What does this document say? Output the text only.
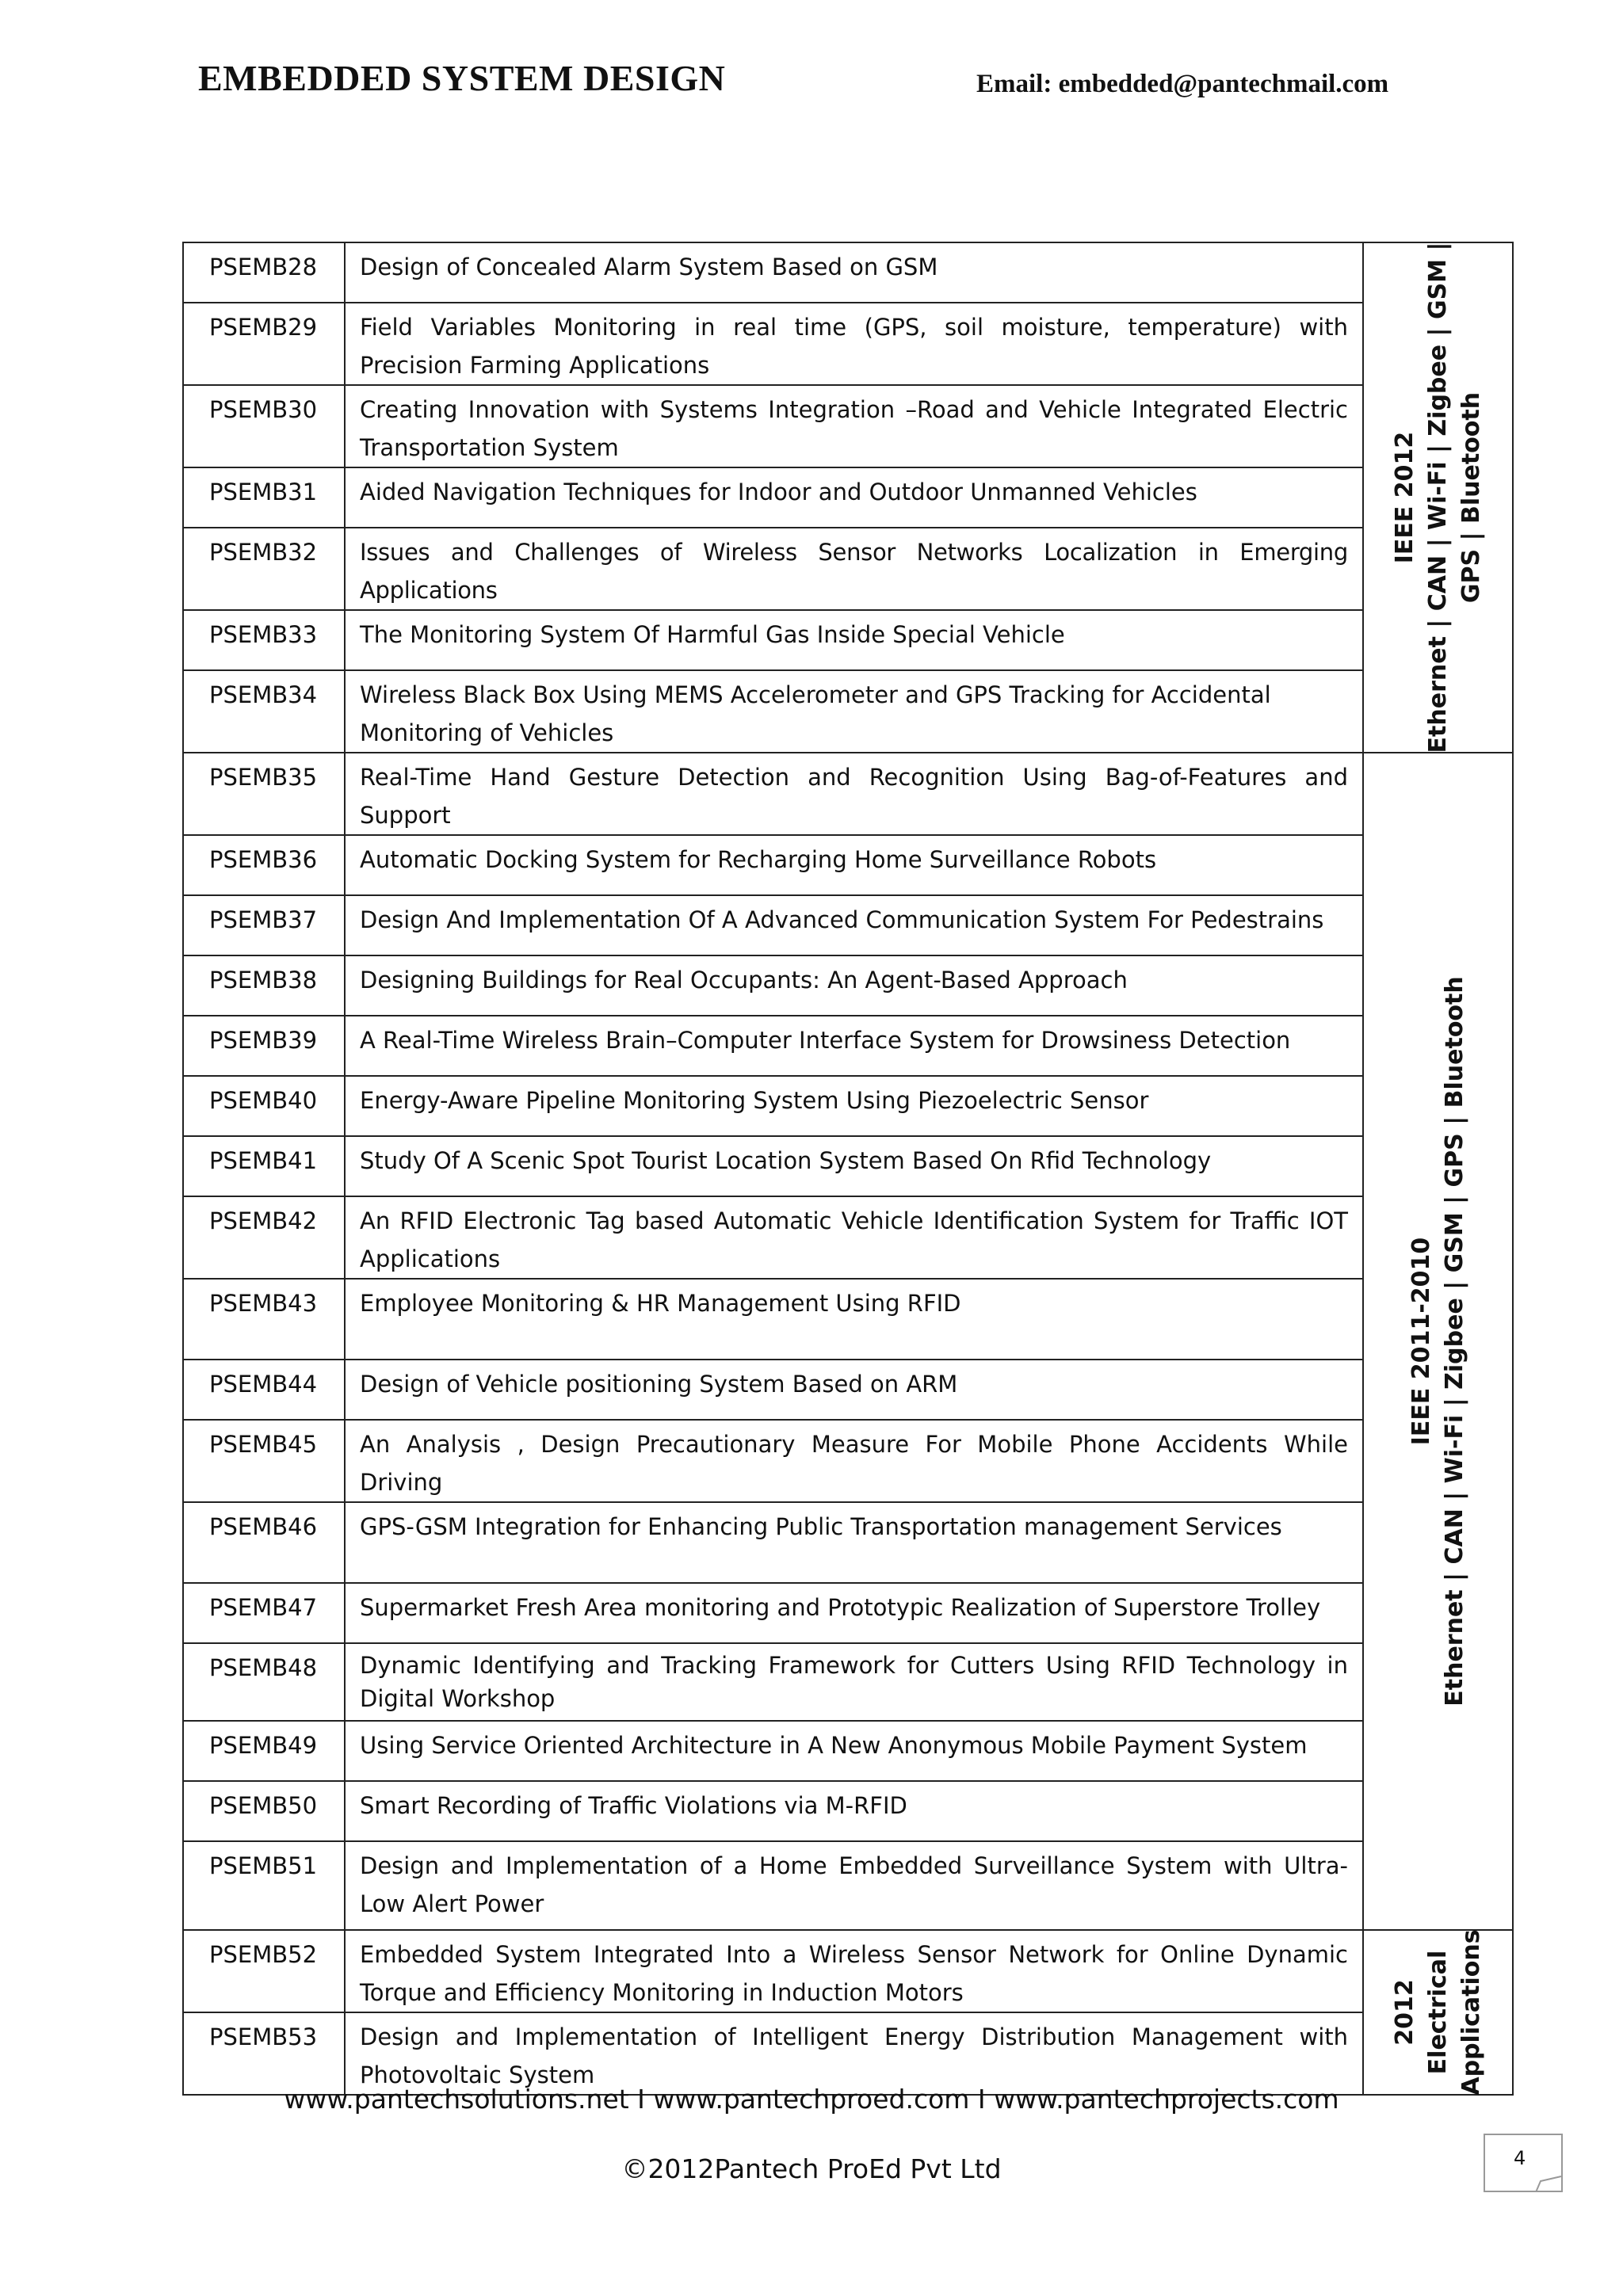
EMBEDDED SYSTEM DESIGN	Email: embedded@pantechmail.com
PSEMB28	Design of Concealed Alarm System Based on GSM	IEEE 2012 Ethernet | CAN | Wi-Fi | Zigbee | GSM | GPS | Bluetooth

PSEMB29	Field Variables Monitoring in real time (GPS, soil moisture, temperature) with Precision Farming Applications	
PSEMB30	Creating Innovation with Systems Integration –Road and Vehicle Integrated Electric Transportation System	
PSEMB31	Aided Navigation Techniques for Indoor and Outdoor Unmanned Vehicles	
PSEMB32	Issues and Challenges of Wireless Sensor Networks Localization in Emerging Applications	
PSEMB33	The Monitoring System Of Harmful Gas Inside Special Vehicle	
PSEMB34	Wireless Black Box Using MEMS Accelerometer and GPS Tracking for Accidental Monitoring of Vehicles	
PSEMB35	Real-Time Hand Gesture Detection and Recognition Using Bag-of-Features and Support	IEEE 2011-2010 Ethernet | CAN | Wi-Fi | Zigbee | GSM | GPS | Bluetooth

PSEMB36	Automatic Docking System for Recharging Home Surveillance Robots	
PSEMB37	Design And Implementation Of A Advanced Communication System For Pedestrains	
PSEMB38	Designing Buildings for Real Occupants: An Agent-Based Approach	
PSEMB39	A Real-Time Wireless Brain–Computer Interface System for Drowsiness Detection	
PSEMB40	Energy-Aware Pipeline Monitoring System Using Piezoelectric Sensor	
PSEMB41	Study Of A Scenic Spot Tourist Location System Based On Rfid Technology	
PSEMB42	An RFID Electronic Tag based Automatic Vehicle Identification System for Traffic IOT Applications	
PSEMB43	Employee Monitoring & HR Management Using RFID	
PSEMB44	Design of Vehicle positioning System Based on ARM	
PSEMB45	An Analysis , Design Precautionary Measure For Mobile Phone Accidents While Driving	
PSEMB46	GPS-GSM Integration for Enhancing Public Transportation management Services	
PSEMB47	Supermarket Fresh Area monitoring and Prototypic Realization of Superstore Trolley	
PSEMB48	Dynamic Identifying and Tracking Framework for Cutters Using RFID Technology in Digital Workshop	
PSEMB49	Using Service Oriented Architecture in A New Anonymous Mobile Payment System	
PSEMB50	Smart Recording of Traffic Violations via M-RFID	
PSEMB51	Design and Implementation of a Home Embedded Surveillance System with Ultra-Low Alert Power	
PSEMB52	Embedded System Integrated Into a Wireless Sensor Network for Online Dynamic Torque and Efficiency Monitoring in Induction Motors	2012 Electrical Applications

PSEMB53	Design and Implementation of Intelligent Energy Distribution Management with Photovoltaic System	
www.pantechsolutions.net I www.pantechproed.com I www.pantechprojects.com
©2012Pantech ProEd Pvt Ltd	4
